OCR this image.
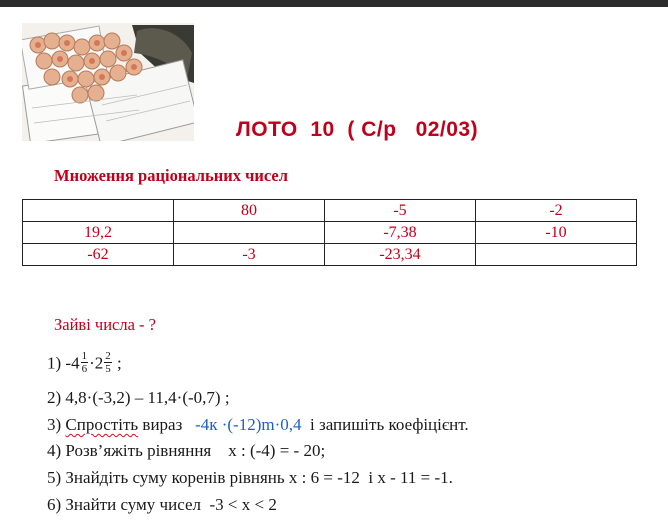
ЛОТО  10  ( С/р   02/03)
Множення раціональних чисел
	80	-5	-2
19,2		-7,38	-10
-62	-3	-23,34	
Зайві числа - ?
1) $-4 \frac{1}{6} \cdot 2 \frac{2}{5}$ ;
2) 4,8·(-3,2) – 11,4·(-0,7) ;
3) Спростіть вираз   -4к ·(-12)m·0,4  і запишіть коефіцієнт.
4) Розв’яжіть рівняння    х : (-4) = - 20;
5) Знайдіть суму коренів рівнянь х : 6 = -12  і х - 11 = -1.
6) Знайти суму чисел  -3 < x < 2
